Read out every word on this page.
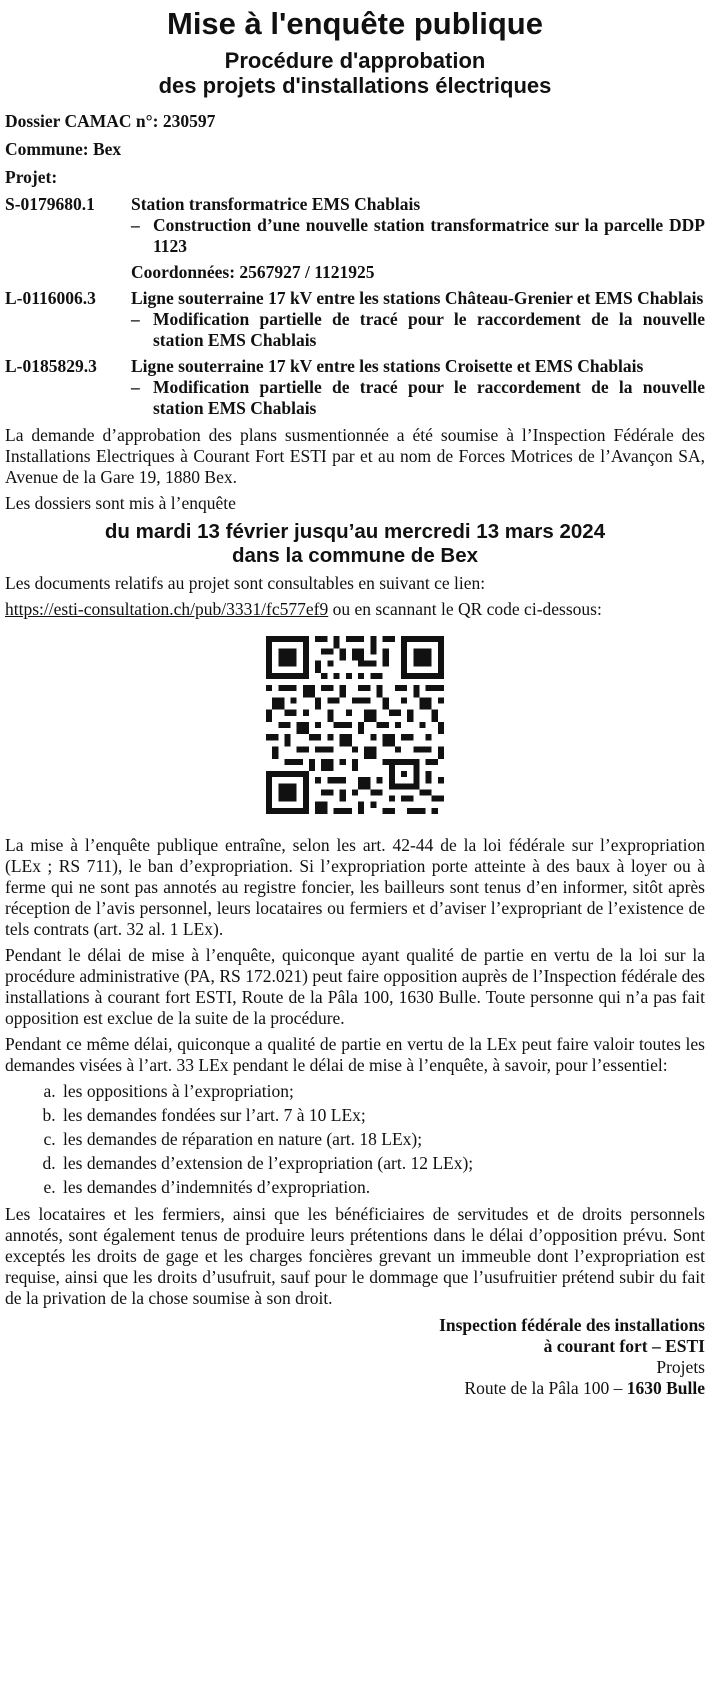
Mise à l'enquête publique
Procédure d'approbation
des projets d'installations électriques

Dossier CAMAC n°: 230597

Commune: Bex

Projet:

S-0179680.1	Station transformatrice EMS Chablais
– Construction d’une nouvelle station transformatrice sur la parcelle DDP 1123
Coordonnées: 2567927 / 1121925
L-0116006.3	Ligne souterraine 17 kV entre les stations Château-Grenier et EMS Chablais
– Modification partielle de tracé pour le raccordement de la nouvelle station EMS Chablais
L-0185829.3	Ligne souterraine 17 kV entre les stations Croisette et EMS Chablais
– Modification partielle de tracé pour le raccordement de la nouvelle station EMS Chablais

La demande d’approbation des plans susmentionnée a été soumise à l’Inspection Fédérale des Installations Electriques à Courant Fort ESTI par et au nom de Forces Motrices de l’Avançon SA, Avenue de la Gare 19, 1880 Bex.

Les dossiers sont mis à l’enquête

du mardi 13 février jusqu’au mercredi 13 mars 2024
dans la commune de Bex

Les documents relatifs au projet sont consultables en suivant ce lien:

https://esti-consultation.ch/pub/3331/fc577ef9 ou en scannant le QR code ci-dessous:

La mise à l’enquête publique entraîne, selon les art. 42-44 de la loi fédérale sur l’expropriation (LEx ; RS 711), le ban d’expropriation. Si l’expropriation porte atteinte à des baux à loyer ou à ferme qui ne sont pas annotés au registre foncier, les bailleurs sont tenus d’en informer, sitôt après réception de l’avis personnel, leurs locataires ou fermiers et d’aviser l’expropriant de l’existence de tels contrats (art. 32 al. 1 LEx).

Pendant le délai de mise à l’enquête, quiconque ayant qualité de partie en vertu de la loi sur la procédure administrative (PA, RS 172.021) peut faire opposition auprès de l’Inspection fédérale des installations à courant fort ESTI, Route de la Pâla 100, 1630 Bulle. Toute personne qui n’a pas fait opposition est exclue de la suite de la procédure.

Pendant ce même délai, quiconque a qualité de partie en vertu de la LEx peut faire valoir toutes les demandes visées à l’art. 33 LEx pendant le délai de mise à l’enquête, à savoir, pour l’essentiel:

a. les oppositions à l’expropriation;
b. les demandes fondées sur l’art. 7 à 10 LEx;
c. les demandes de réparation en nature (art. 18 LEx);
d. les demandes d’extension de l’expropriation (art. 12 LEx);
e. les demandes d’indemnités d’expropriation.

Les locataires et les fermiers, ainsi que les bénéficiaires de servitudes et de droits personnels annotés, sont également tenus de produire leurs prétentions dans le délai d’opposition prévu. Sont exceptés les droits de gage et les charges foncières grevant un immeuble dont l’expropriation est requise, ainsi que les droits d’usufruit, sauf pour le dommage que l’usufruitier prétend subir du fait de la privation de la chose soumise à son droit.

Inspection fédérale des installations
à courant fort – ESTI
Projets
Route de la Pâla 100 – 1630 Bulle
